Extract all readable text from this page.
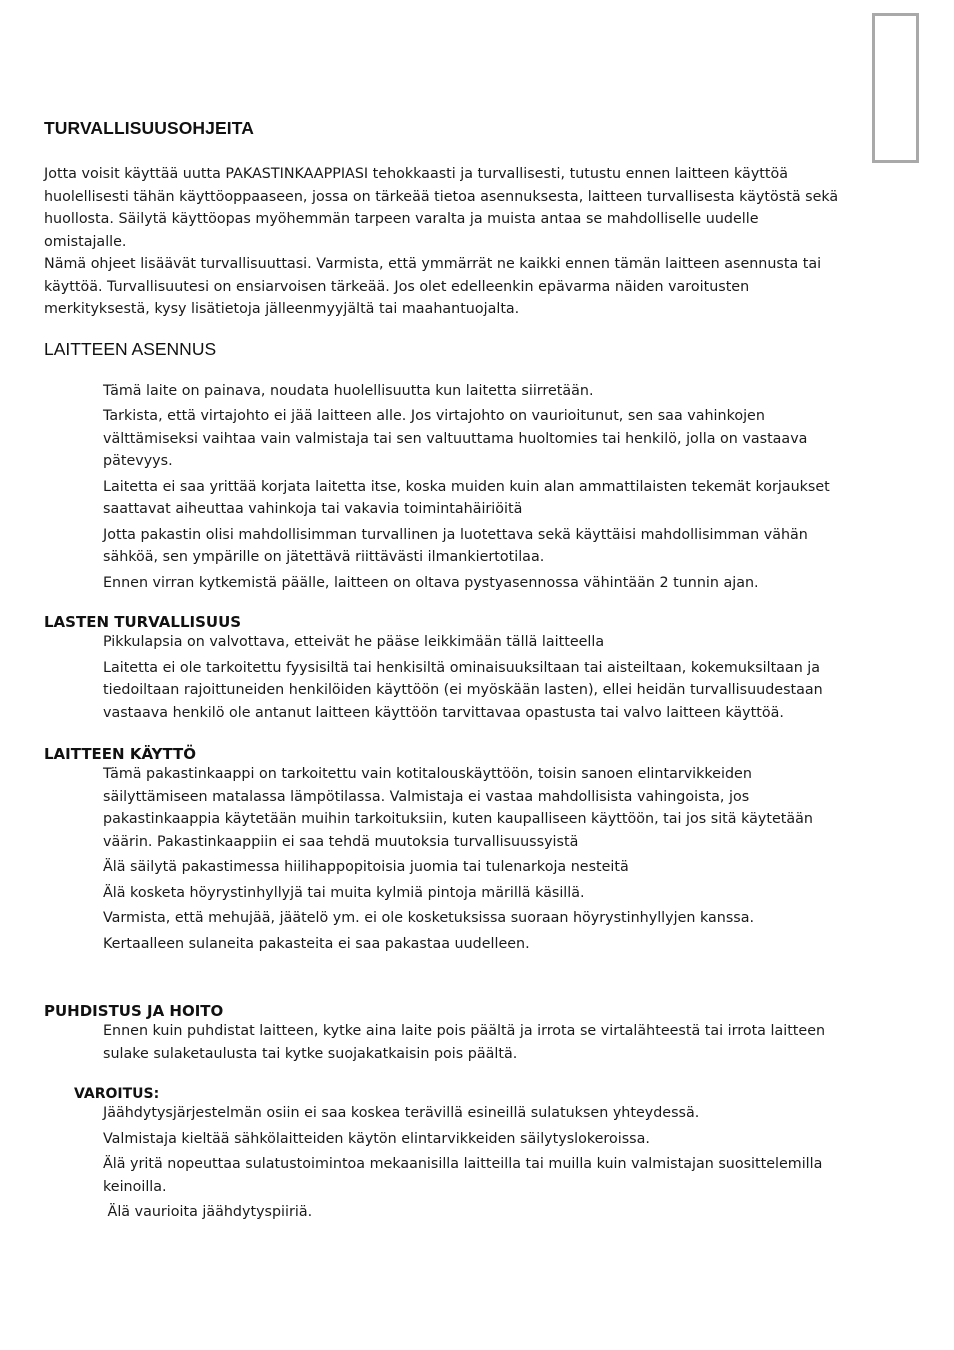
TURVALLISUUSOHJEITA

Jotta voisit käyttää uutta PAKASTINKAAPPIASI tehokkaasti ja turvallisesti, tutustu ennen laitteen käyttöä huolellisesti tähän käyttöoppaaseen, jossa on tärkeää tietoa asennuksesta, laitteen turvallisesta käytöstä sekä huollosta. Säilytä käyttöopas myöhemmän tarpeen varalta ja muista antaa se mahdolliselle uudelle omistajalle.

Nämä ohjeet lisäävät turvallisuuttasi. Varmista, että ymmärrät ne kaikki ennen tämän laitteen asennusta tai käyttöä. Turvallisuutesi on ensiarvoisen tärkeää. Jos olet edelleenkin epävarma näiden varoitusten merkityksestä, kysy lisätietoja jälleenmyyjältä tai maahantuojalta.

LAITTEEN ASENNUS

Tämä laite on painava, noudata huolellisuutta kun laitetta siirretään.

Tarkista, että virtajohto ei jää laitteen alle. Jos virtajohto on vaurioitunut, sen saa vahinkojen välttämiseksi vaihtaa vain valmistaja tai sen valtuuttama huoltomies tai henkilö, jolla on vastaava pätevyys.

Laitetta ei saa yrittää korjata laitetta itse, koska muiden kuin alan ammattilaisten tekemät korjaukset saattavat aiheuttaa vahinkoja tai vakavia toimintahäiriöitä

Jotta pakastin olisi mahdollisimman turvallinen ja luotettava sekä käyttäisi mahdollisimman vähän sähköä, sen ympärille on jätettävä riittävästi ilmankiertotilaa.

Ennen virran kytkemistä päälle, laitteen on oltava pystyasennossa vähintään 2 tunnin ajan.

LASTEN TURVALLISUUS

Pikkulapsia on valvottava, etteivät he pääse leikkimään tällä laitteella

Laitetta ei ole tarkoitettu fyysisiltä tai henkisiltä ominaisuuksiltaan tai aisteiltaan, kokemuksiltaan ja tiedoiltaan rajoittuneiden henkilöiden käyttöön (ei myöskään lasten), ellei heidän turvallisuudestaan vastaava henkilö ole antanut laitteen käyttöön tarvittavaa opastusta tai valvo laitteen käyttöä.

LAITTEEN KÄYTTÖ

Tämä pakastinkaappi on tarkoitettu vain kotitalouskäyttöön, toisin sanoen elintarvikkeiden säilyttämiseen matalassa lämpötilassa. Valmistaja ei vastaa mahdollisista vahingoista, jos pakastinkaappia käytetään muihin tarkoituksiin, kuten kaupalliseen käyttöön, tai jos sitä käytetään väärin. Pakastinkaappiin ei saa tehdä muutoksia turvallisuussyistä

Älä säilytä pakastimessa hiilihappopitoisia juomia tai tulenarkoja nesteitä

Älä kosketa höyrystinhyllyjä tai muita kylmiä pintoja märillä käsillä.

Varmista, että mehujää, jäätelö ym. ei ole kosketuksissa suoraan höyrystinhyllyjen kanssa.

Kertaalleen sulaneita pakasteita ei saa pakastaa uudelleen.

PUHDISTUS JA HOITO

Ennen kuin puhdistat laitteen, kytke aina laite pois päältä ja irrota se virtalähteestä tai irrota laitteen sulake sulaketaulusta tai kytke suojakatkaisin pois päältä.

VAROITUS:

Jäähdytysjärjestelmän osiin ei saa koskea terävillä esineillä sulatuksen yhteydessä.

Valmistaja kieltää sähkölaitteiden käytön elintarvikkeiden säilytyslokeroissa.

Älä yritä nopeuttaa sulatustoimintoa mekaanisilla laitteilla tai muilla kuin valmistajan suosittelemilla keinoilla.

Älä vaurioita jäähdytyspiiriä.
